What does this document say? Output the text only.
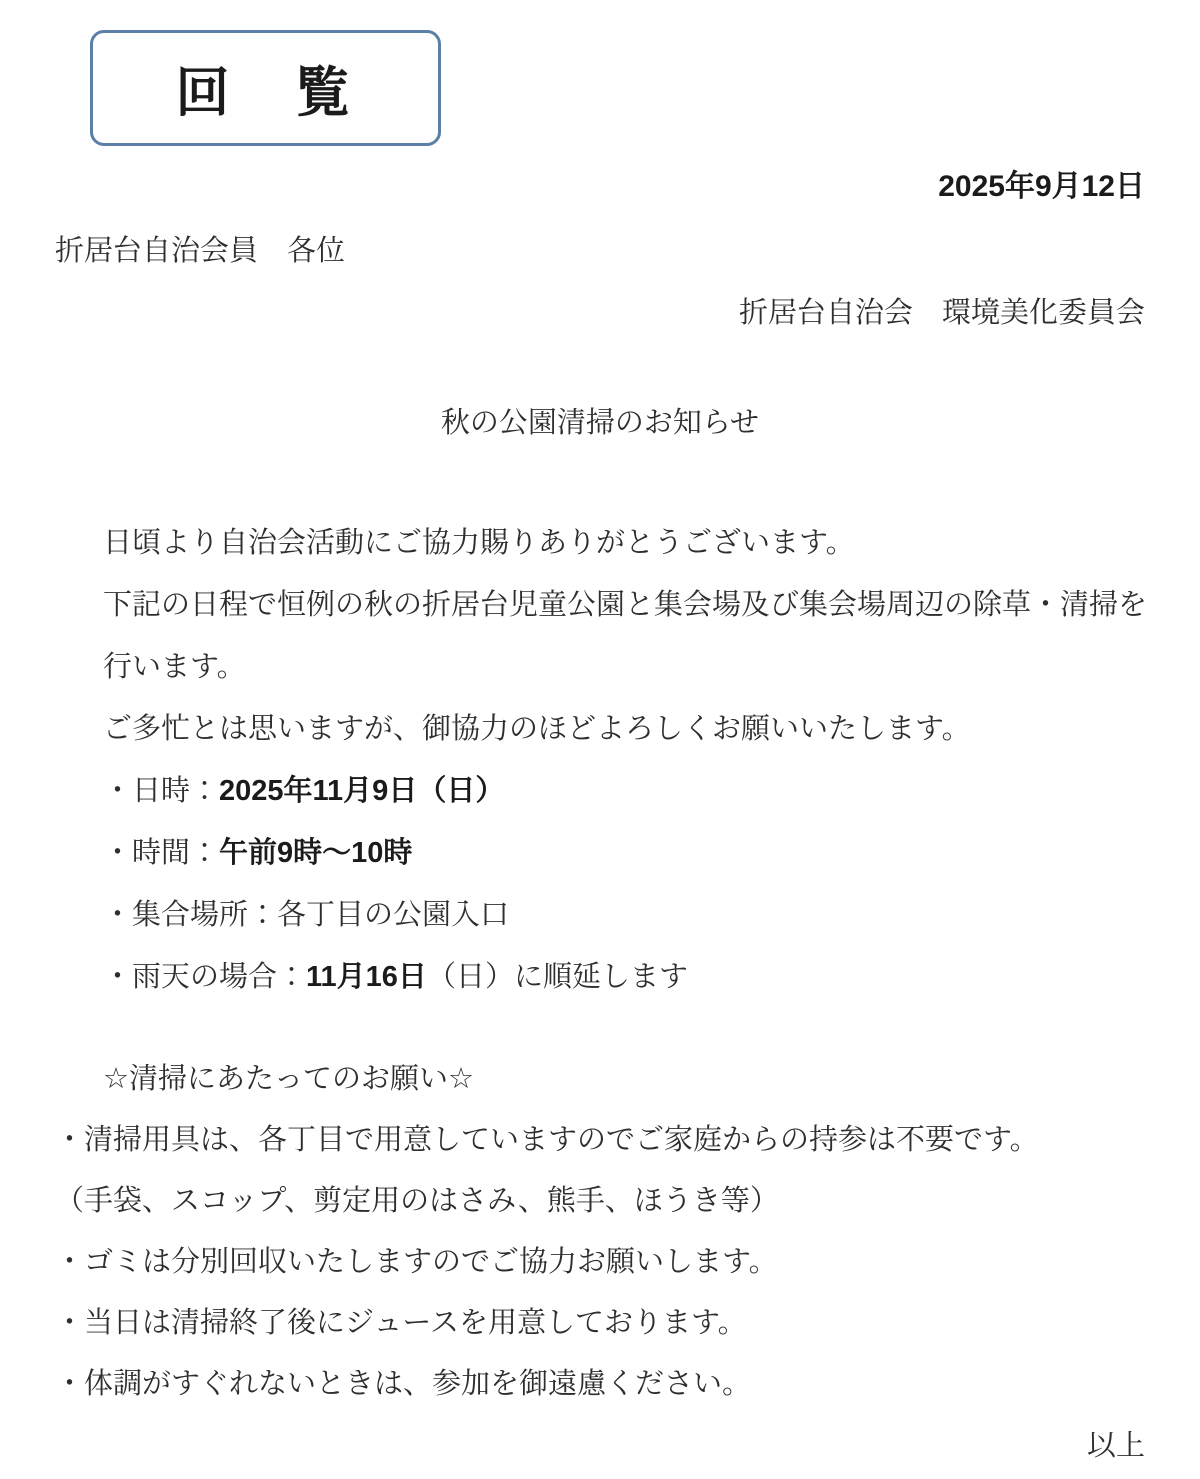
回　覧
2025年9月12日
折居台自治会員　各位
折居台自治会　環境美化委員会
秋の公園清掃のお知らせ
日頃より自治会活動にご協力賜りありがとうございます。
下記の日程で恒例の秋の折居台児童公園と集会場及び集会場周辺の除草・清掃を
行います。
ご多忙とは思いますが、御協力のほどよろしくお願いいたします。
・日時：2025年11月9日（日）
・時間：午前9時～10時
・集合場所：各丁目の公園入口
・雨天の場合：11月16日（日）に順延します
☆清掃にあたってのお願い☆
・清掃用具は、各丁目で用意していますのでご家庭からの持参は不要です。
（手袋、スコップ、剪定用のはさみ、熊手、ほうき等）
・ゴミは分別回収いたしますのでご協力お願いします。
・当日は清掃終了後にジュースを用意しております。
・体調がすぐれないときは、参加を御遠慮ください。
以上
